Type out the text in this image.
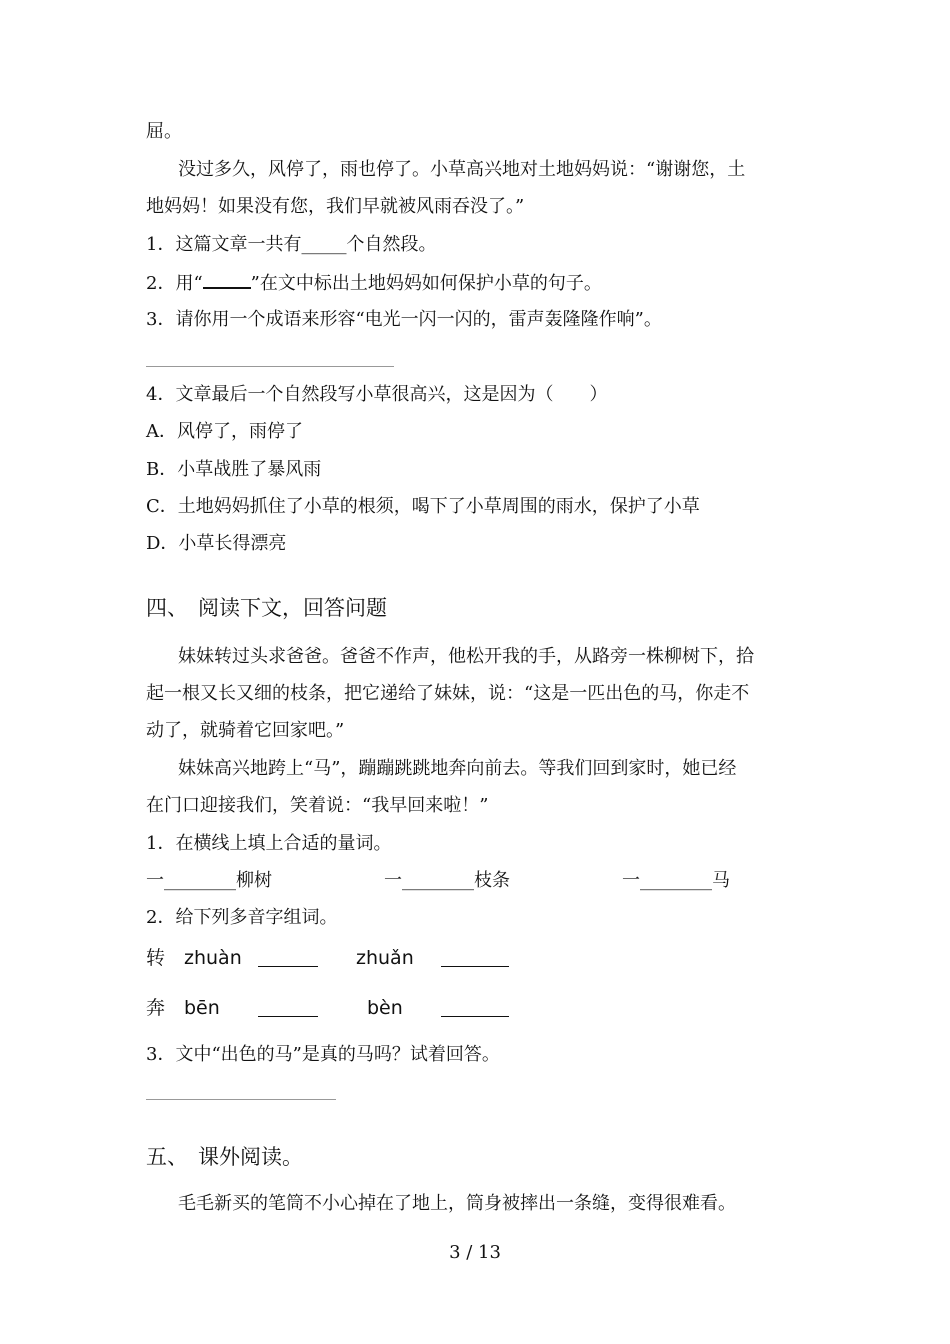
屈。
没过多久，风停了，雨也停了。小草高兴地对土地妈妈说：“谢谢您，土
地妈妈！如果没有您，我们早就被风雨吞没了。”
1．这篇文章一共有_____个自然段。
2．用“	”在文中标出土地妈妈如何保护小草的句子。
3．请你用一个成语来形容“电光一闪一闪的，雷声轰隆隆作响”。
4．文章最后一个自然段写小草很高兴，这是因为（　　）
A．风停了，雨停了
B．小草战胜了暴风雨
C．土地妈妈抓住了小草的根须，喝下了小草周围的雨水，保护了小草
D．小草长得漂亮
四、 阅读下文，回答问题
妹妹转过头求爸爸。爸爸不作声，他松开我的手，从路旁一株柳树下，拾
起一根又长又细的枝条，把它递给了妹妹，说：“这是一匹出色的马，你走不
动了，就骑着它回家吧。”
妹妹高兴地跨上“马”，蹦蹦跳跳地奔向前去。等我们回到家时，她已经
在门口迎接我们，笑着说：“我早回来啦！”
1．在横线上填上合适的量词。
一________柳树	一________枝条	一________马
2．给下列多音字组词。
转 zhuàn	zhuǎn
奔 bēn	bèn
3．文中“出色的马”是真的马吗？试着回答。
五、 课外阅读。
毛毛新买的笔筒不小心掉在了地上，筒身被摔出一条缝，变得很难看。
3 / 13
